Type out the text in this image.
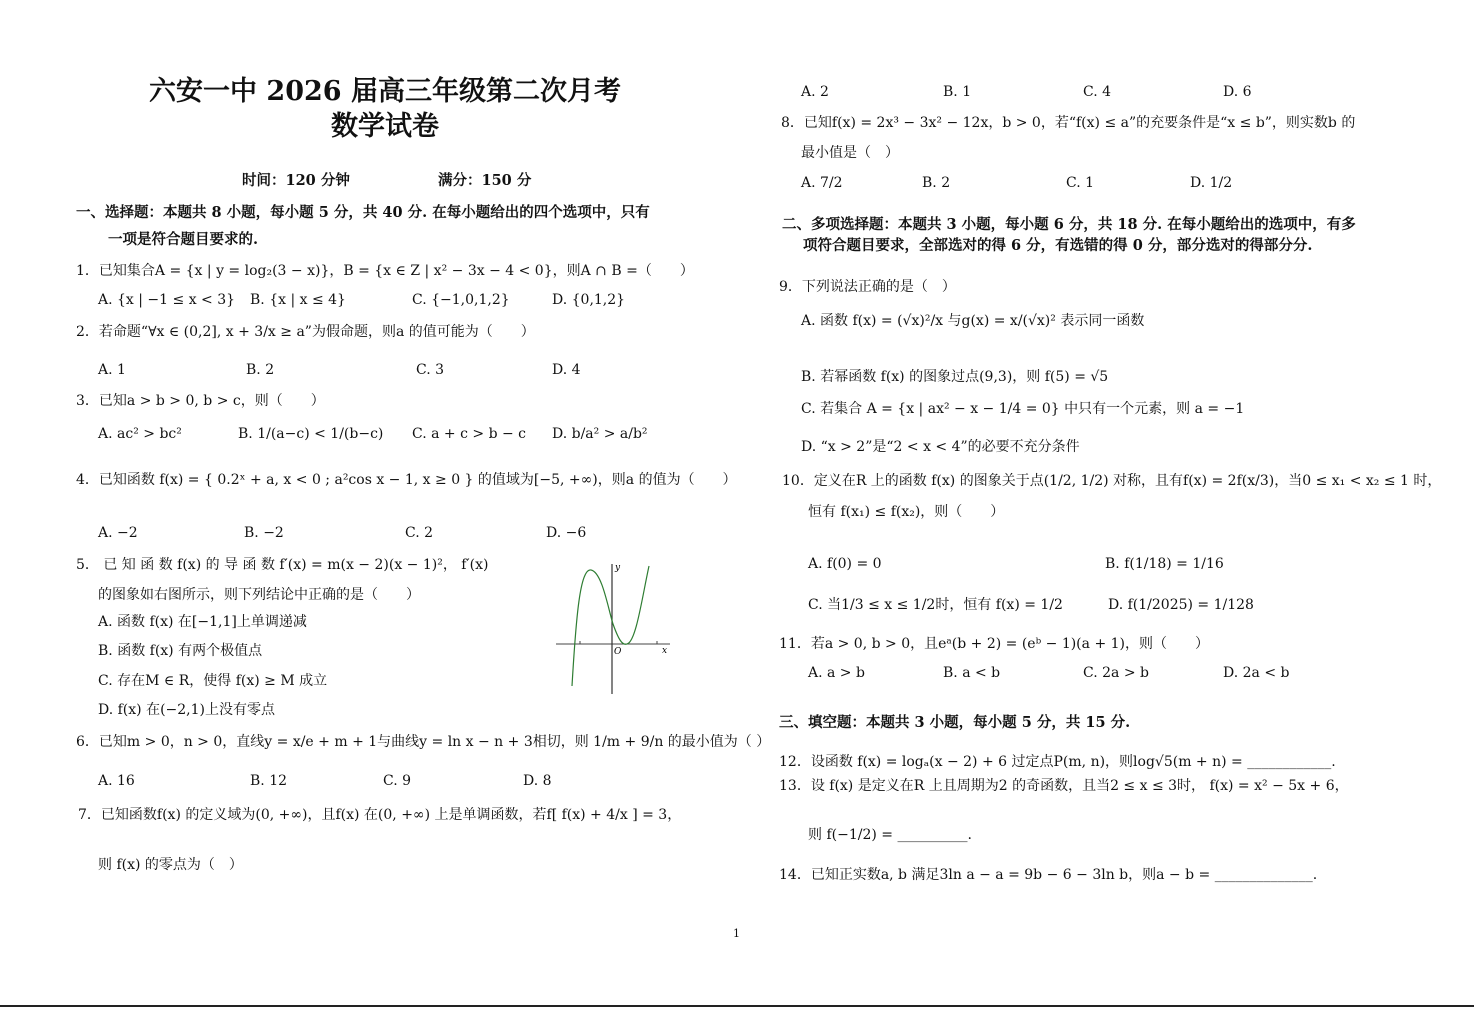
六安一中 2026 届高三年级第二次月考
数学试卷
时间：120 分钟	满分：150 分
一、选择题：本题共 8 小题，每小题 5 分，共 40 分. 在每小题给出的四个选项中，只有
一项是符合题目要求的.
1．已知集合A = {x | y = log₂(3 − x)}，B = {x ∈ Z | x² − 3x − 4 < 0}，则A ∩ B =（　　）
A. {x | −1 ≤ x < 3} B. {x | x ≤ 4}	C. {−1,0,1,2}	D. {0,1,2}
2．若命题“∀x ∈ (0,2], x + 3/x ≥ a”为假命题，则a 的值可能为（　　）
A. 1	B. 2	C. 3	D. 4
3．已知a > b > 0, b > c，则（　　）
A. ac² > bc²	B. 1/(a−c) < 1/(b−c) C. a + c > b − c D. b/a² > a/b²
4．已知函数 f(x) = { 0.2ˣ + a, x < 0 ; a²cos x − 1, x ≥ 0 } 的值域为[−5, +∞)，则a 的值为（　　）
A. −2	B. −2	C. 2	D. −6
5． 已 知 函 数 f(x) 的 导 函 数 f′(x) = m(x − 2)(x − 1)²， f′(x)
的图象如右图所示，则下列结论中正确的是（　　）
A. 函数 f(x) 在[−1,1]上单调递减
B. 函数 f(x) 有两个极值点
C. 存在M ∈ R，使得 f(x) ≥ M 成立
D. f(x) 在(−2,1)上没有零点
y
x
O
6．已知m > 0，n > 0，直线y = x/e + m + 1与曲线y = ln x − n + 3相切，则 1/m + 9/n 的最小值为（ ）
A. 16	B. 12	C. 9	D. 8
7．已知函数f(x) 的定义域为(0, +∞)，且f(x) 在(0, +∞) 上是单调函数，若f[ f(x) + 4/x ] = 3，
则 f(x) 的零点为（　）
A. 2	B. 1	C. 4	D. 6
8．已知f(x) = 2x³ − 3x² − 12x，b > 0，若“f(x) ≤ a”的充要条件是“x ≤ b”，则实数b 的
最小值是（　）
A. 7/2	B. 2	C. 1	D. 1/2
二、多项选择题：本题共 3 小题，每小题 6 分，共 18 分. 在每小题给出的选项中，有多
项符合题目要求，全部选对的得 6 分，有选错的得 0 分，部分选对的得部分分.
9．下列说法正确的是（　）
A. 函数 f(x) = (√x)²/x 与g(x) = x/(√x)² 表示同一函数
B. 若幂函数 f(x) 的图象过点(9,3)，则 f(5) = √5
C. 若集合 A = {x | ax² − x − 1/4 = 0} 中只有一个元素，则 a = −1
D. “x > 2”是“2 < x < 4”的必要不充分条件
10．定义在R 上的函数 f(x) 的图象关于点(1/2, 1/2) 对称，且有f(x) = 2f(x/3)，当0 ≤ x₁ < x₂ ≤ 1 时，
恒有 f(x₁) ≤ f(x₂)，则（　　）
A. f(0) = 0	B. f(1/18) = 1/16
C. 当1/3 ≤ x ≤ 1/2时，恒有 f(x) = 1/2	D. f(1/2025) = 1/128
11．若a > 0, b > 0，且eᵃ(b + 2) = (eᵇ − 1)(a + 1)，则（　　）
A. a > b	B. a < b	C. 2a > b	D. 2a < b
三、填空题：本题共 3 小题，每小题 5 分，共 15 分.
12．设函数 f(x) = logₐ(x − 2) + 6 过定点P(m, n)，则log√5(m + n) = ____________.
13．设 f(x) 是定义在R 上且周期为2 的奇函数，且当2 ≤ x ≤ 3时， f(x) = x² − 5x + 6，
则 f(−1/2) = __________.
14．已知正实数a, b 满足3ln a − a = 9b − 6 − 3ln b，则a − b = ______________.
1
